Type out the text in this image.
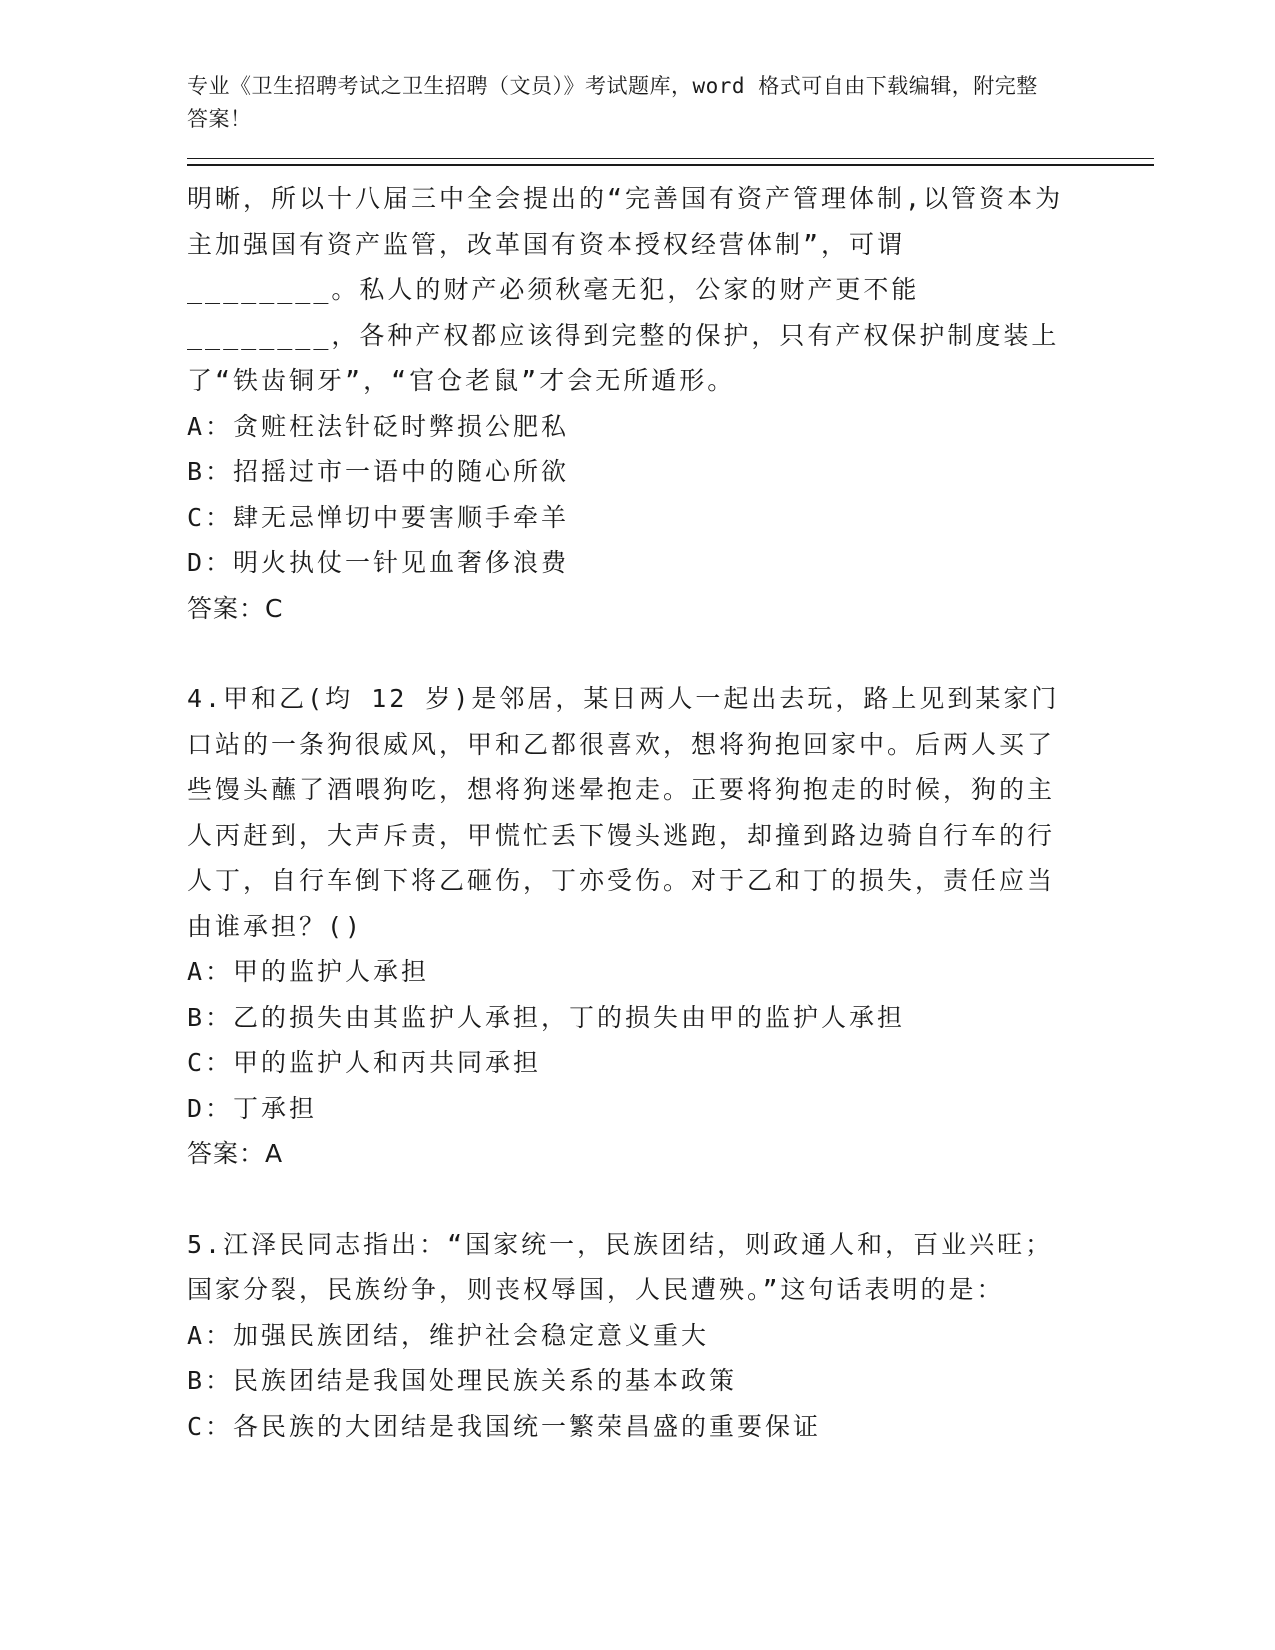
专业《卫生招聘考试之卫生招聘（文员）》考试题库，word 格式可自由下载编辑，附完整答案！
明晰，所以十八届三中全会提出的“完善国有资产管理体制,以管资本为主加强国有资产监管，改革国有资本授权经营体制”，可谓________。私人的财产必须秋毫无犯，公家的财产更不能________，各种产权都应该得到完整的保护，只有产权保护制度装上了“铁齿铜牙”，“官仓老鼠”才会无所遁形。
A：贪赃枉法针砭时弊损公肥私
B：招摇过市一语中的随心所欲
C：肆无忌惮切中要害顺手牵羊
D：明火执仗一针见血奢侈浪费
答案：C
4.甲和乙(均 12 岁)是邻居，某日两人一起出去玩，路上见到某家门口站的一条狗很威风，甲和乙都很喜欢，想将狗抱回家中。后两人买了些馒头蘸了酒喂狗吃，想将狗迷晕抱走。正要将狗抱走的时候，狗的主人丙赶到，大声斥责，甲慌忙丢下馒头逃跑，却撞到路边骑自行车的行人丁，自行车倒下将乙砸伤，丁亦受伤。对于乙和丁的损失，责任应当由谁承担？()
A：甲的监护人承担
B：乙的损失由其监护人承担，丁的损失由甲的监护人承担
C：甲的监护人和丙共同承担
D：丁承担
答案：A
5.江泽民同志指出：“国家统一，民族团结，则政通人和，百业兴旺；国家分裂，民族纷争，则丧权辱国，人民遭殃。”这句话表明的是：
A：加强民族团结，维护社会稳定意义重大
B：民族团结是我国处理民族关系的基本政策
C：各民族的大团结是我国统一繁荣昌盛的重要保证
